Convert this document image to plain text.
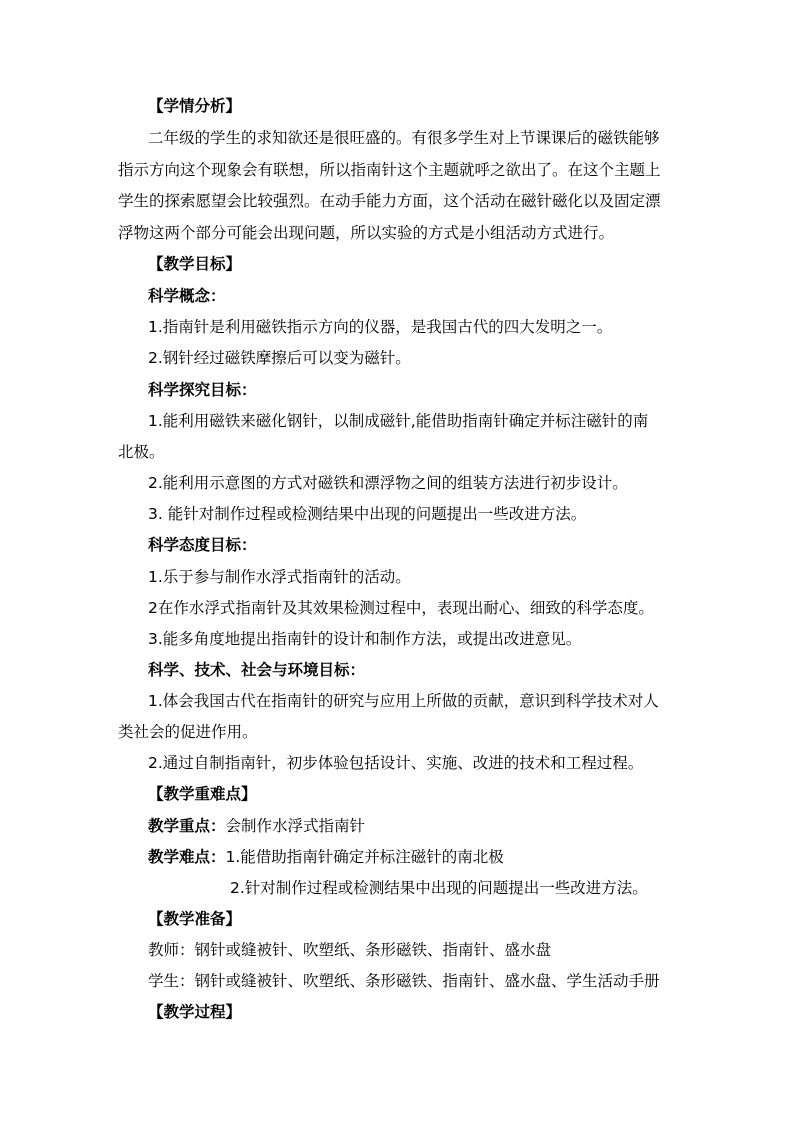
【学情分析】
二年级的学生的求知欲还是很旺盛的。有很多学生对上节课课后的磁铁能够
指示方向这个现象会有联想，所以指南针这个主题就呼之欲出了。在这个主题上
学生的探索愿望会比较强烈。在动手能力方面，这个活动在磁针磁化以及固定漂
浮物这两个部分可能会出现问题，所以实验的方式是小组活动方式进行。
【教学目标】
科学概念：
1.指南针是利用磁铁指示方向的仪器，是我国古代的四大发明之一。
2.钢针经过磁铁摩擦后可以变为磁针。
科学探究目标：
1.能利用磁铁来磁化钢针，以制成磁针,能借助指南针确定并标注磁针的南
北极。
2.能利用示意图的方式对磁铁和漂浮物之间的组装方法进行初步设计。
3. 能针对制作过程或检测结果中出现的问题提出一些改进方法。
科学态度目标：
1.乐于参与制作水浮式指南针的活动。
2在作水浮式指南针及其效果检测过程中，表现出耐心、细致的科学态度。
3.能多角度地提出指南针的设计和制作方法，或提出改进意见。
科学、技术、社会与环境目标：
1.体会我国古代在指南针的研究与应用上所做的贡献，意识到科学技术对人
类社会的促进作用。
2.通过自制指南针，初步体验包括设计、实施、改进的技术和工程过程。
【教学重难点】
教学重点：会制作水浮式指南针
教学难点：1.能借助指南针确定并标注磁针的南北极
2.针对制作过程或检测结果中出现的问题提出一些改进方法。
【教学准备】
教师：钢针或缝被针、吹塑纸、条形磁铁、指南针、盛水盘
学生：钢针或缝被针、吹塑纸、条形磁铁、指南针、盛水盘、学生活动手册
【教学过程】
